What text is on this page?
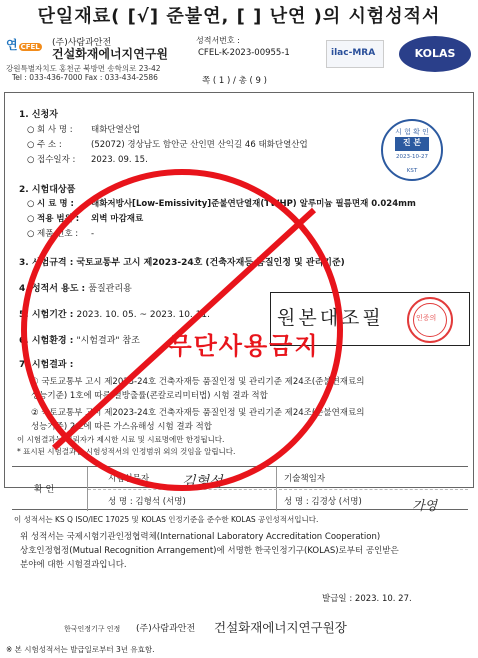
단일재료( [√] 준불연, [ ] 난연 )의 시험성적서
연CFEL	(주)사람과안전
건설화재에너지연구원
강원특별자치도 홍천군 북방면 송학의로 23-42
Tel : 033-436-7000 Fax : 033-434-2586
성적서번호 :
CFEL-K-2023-00955-1
쪽 ( 1 ) / 총 ( 9 )
ilac-MRA	KOLAS
시 험 확 인
진 본
2023-10-27
KST
1. 신청자
○ 회 사 명 : 태화단열산업
○ 주 소 :	(52072) 경상남도 함안군 산인면 산익길 46 태화단열산업
○ 접수일자 : 2023. 09. 15.
2. 시험대상품
○ 시 료 명 : 태화저방사[Low-Emissivity]준불연단열재(TWHP) 알루미늄 필름면재 0.024mm
○ 적용 범위 : 외벽 마감재료
○ 제품 번호 : -
3. 시험규격 : 국토교통부 고시 제2023-24호 (건축자재등 품질인정 및 관리기준)
4. 성적서 용도 : 품질관리용
5. 시험기간 : 2023. 10. 05. ~ 2023. 10. 11.
6. 시험환경 : "시험결과" 참조
7. 시험결과 :
① 국토교통부 고시 제2023-24호 건축자재등 품질인정 및 관리기준 제24조(준불연재료의
성능기준) 1호에 따른 열방출률(콘칼로리미터법) 시험 결과 적합
② 국토교통부 고시 제2023-24호 건축자재등 품질인정 및 관리기준 제24조(준불연재료의
성능기준) 2호에 따른 가스유해성 시험 결과 적합
이 시험결과는 의뢰자가 제시한 시료 및 시료명에만 한정됩니다.
* 표시된 시험결과는 시험성적서의 인정범위 외의 것임을 알립니다.
원본대조필	인증의
확 인
시험실무자
성 명 : 김형석 (서명)
기술책임자
성 명 : 김경상 (서명)
김형석
가영
이 성적서는 KS Q ISO/IEC 17025 및 KOLAS 인정기준을 준수한 KOLAS 공인성적서입니다.
위 성적서는 국제시험기관인정협력체(International Laboratory Accreditation Cooperation)
상호인정협정(Mutual Recognition Arrangement)에 서명한 한국인정기구(KOLAS)로부터 공인받은
분야에 대한 시험결과입니다.
발급일 : 2023. 10. 27.
한국인정기구 인정 (주)사람과안전 건설화재에너지연구원장
※ 본 시험성적서는 발급일로부터 3년 유효함.
무단사용금지
